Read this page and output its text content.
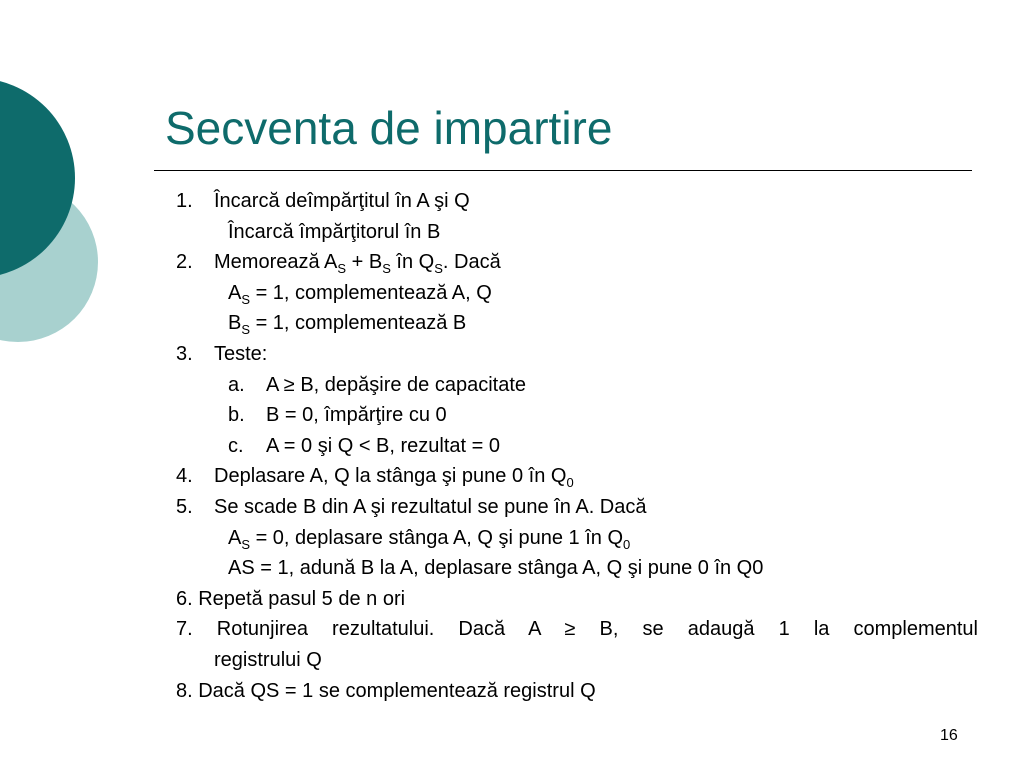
Secventa de impartire
1. Încarcă deîmpărţitul în A şi Q
Încarcă împărţitorul în B
2. Memorează $A_S + B_S$ în $Q_S$. Dacă
$A_S = 1$, complementează A, Q
$B_S = 1$, complementează B
3. Teste:
a. A ≥ B, depăşire de capacitate
b. B = 0, împărţire cu 0
c. A = 0 şi Q < B, rezultat = 0
4. Deplasare A, Q la stânga şi pune 0 în $Q_0$
5. Se scade B din A şi rezultatul se pune în A. Dacă
$A_S = 0$, deplasare stânga A, Q şi pune 1 în $Q_0$
AS = 1, adună B la A, deplasare stânga A, Q şi pune 0 în Q0
6. Repetă pasul 5 de n ori
7. Rotunjirea rezultatului. Dacă A ≥ B, se adaugă 1 la complementul
registrului Q
8. Dacă QS = 1 se complementează registrul Q
16
